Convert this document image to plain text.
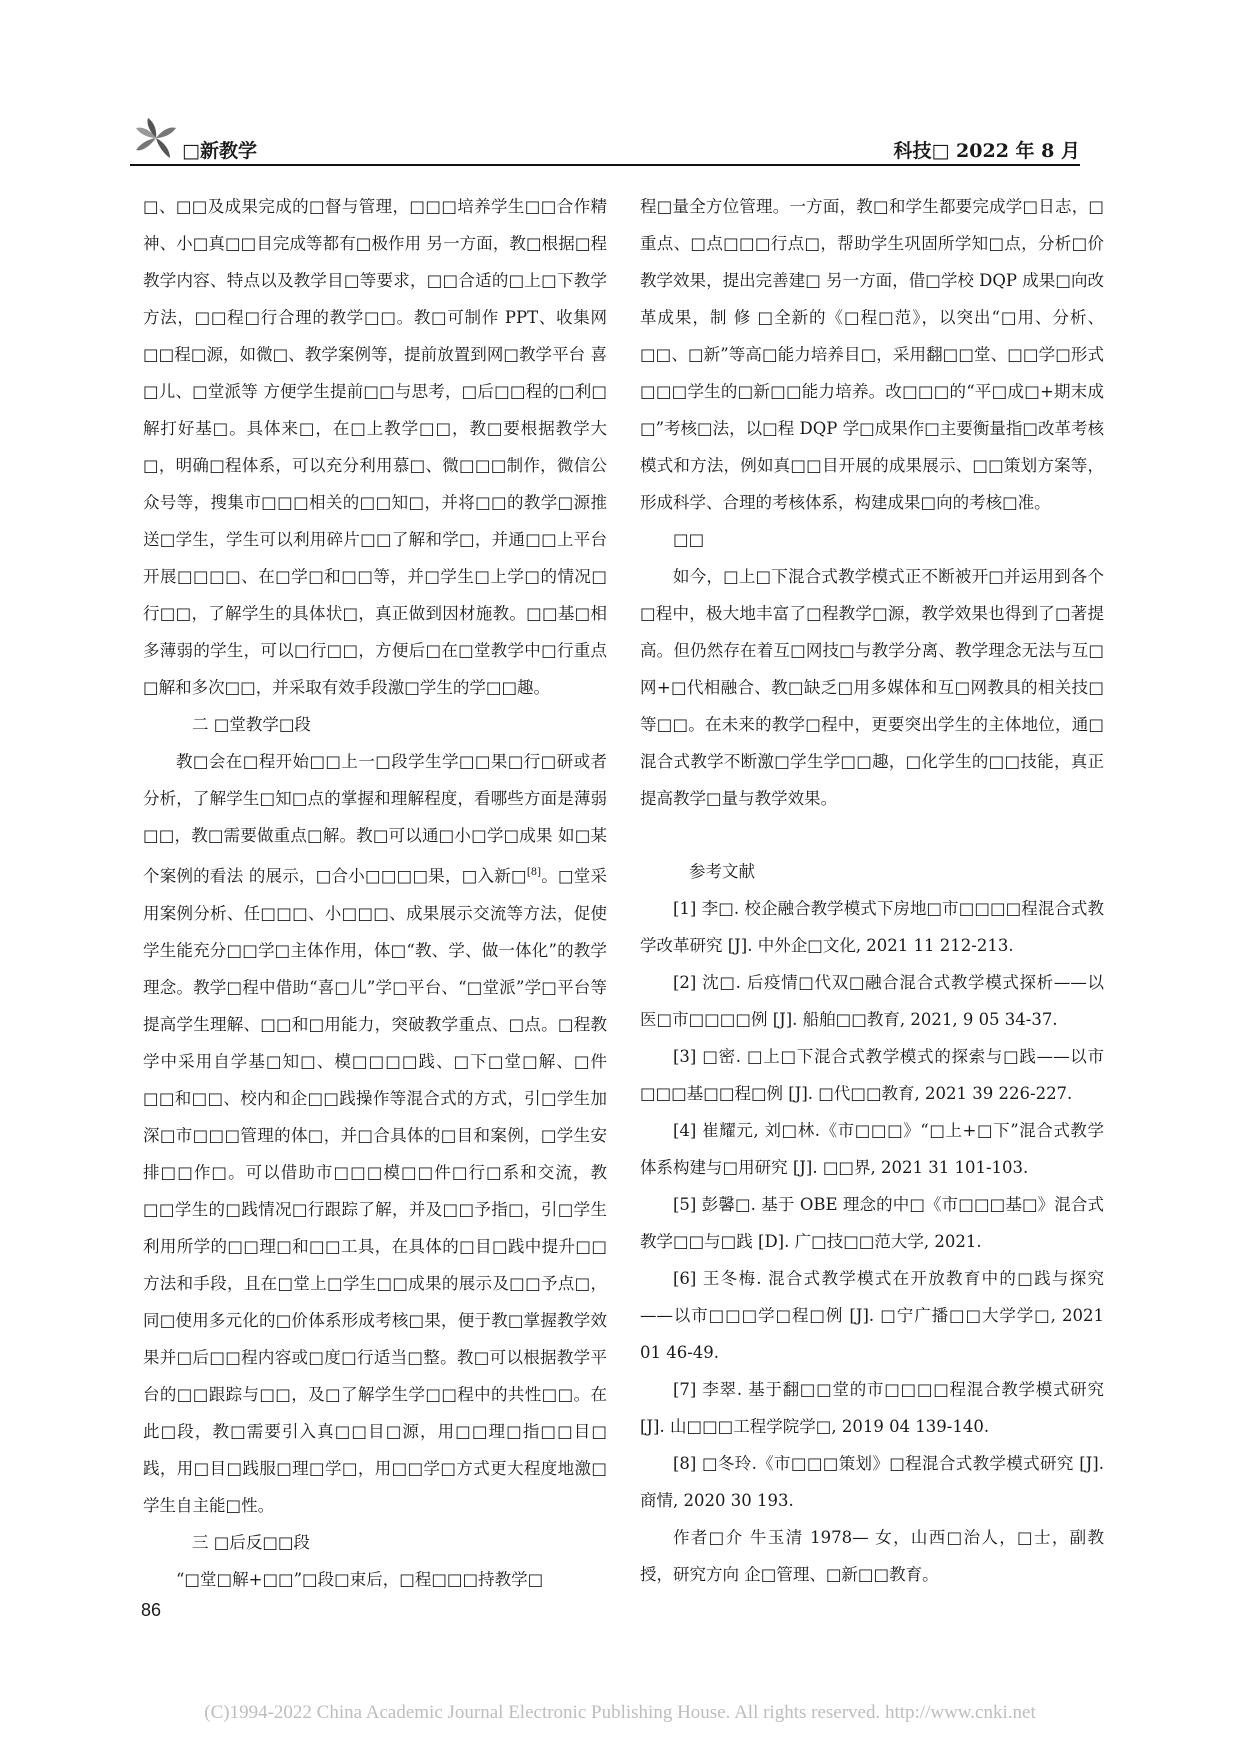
□新教学	科技□ 2022 年 8 月

□、□□及成果完成的□督与管理，□□□培养学生□□合作精神、小□真□□目完成等都有□极作用 另一方面，教□根据□程教学内容、特点以及教学目□等要求，□□合适的□上□下教学方法，□□程□行合理的教学□□。教□可制作 PPT、收集网□□程□源，如微□、教学案例等，提前放置到网□教学平台 喜□儿、□堂派等 方便学生提前□□与思考，□后□□程的□利□解打好基□。具体来□，在□上教学□□，教□要根据教学大□，明确□程体系，可以充分利用慕□、微□□□制作，微信公众号等，搜集市□□□相关的□□知□，并将□□的教学□源推送□学生，学生可以利用碎片□□了解和学□，并通□□上平台开展□□□□、在□学□和□□等，并□学生□上学□的情况□行□□，了解学生的具体状□，真正做到因材施教。□□基□相多薄弱的学生，可以□行□□，方便后□在□堂教学中□行重点□解和多次□□，并采取有效手段激□学生的学□□趣。

二 □堂教学□段

教□会在□程开始□□上一□段学生学□□果□行□研或者分析，了解学生□知□点的掌握和理解程度，看哪些方面是薄弱□□，教□需要做重点□解。教□可以通□小□学□成果 如□某个案例的看法 的展示，□合小□□□□果，□入新□[8]。□堂采用案例分析、任□□□、小□□□、成果展示交流等方法，促使学生能充分□□学□主体作用，体□“教、学、做一体化”的教学理念。教学□程中借助“喜□儿”学□平台、“□堂派”学□平台等提高学生理解、□□和□用能力，突破教学重点、□点。□程教学中采用自学基□知□、模□□□□践、□下□堂□解、□件□□和□□、校内和企□□践操作等混合式的方式，引□学生加深□市□□□管理的体□，并□合具体的□目和案例，□学生安排□□作□。可以借助市□□□模□□件□行□系和交流，教□□学生的□践情况□行跟踪了解，并及□□予指□，引□学生利用所学的□□理□和□□工具，在具体的□目□践中提升□□方法和手段，且在□堂上□学生□□成果的展示及□□予点□，同□使用多元化的□价体系形成考核□果，便于教□掌握教学效果并□后□□程内容或□度□行适当□整。教□可以根据教学平台的□□跟踪与□□，及□了解学生学□□程中的共性□□。在此□段，教□需要引入真□□目□源，用□□理□指□□目□践，用□目□践服□理□学□，用□□学□方式更大程度地激□学生自主能□性。

三 □后反□□段

“□堂□解+□□”□段□束后，□程□□□持教学□

程□量全方位管理。一方面，教□和学生都要完成学□日志，□重点、□点□□□行点□，帮助学生巩固所学知□点，分析□价教学效果，提出完善建□ 另一方面，借□学校 DQP 成果□向改革成果，制 修 □全新的《□程□范》，以突出“□用、分析、□□、□新”等高□能力培养目□，采用翻□□堂、□□学□形式□□□学生的□新□□能力培养。改□□□的“平□成□+期末成□”考核□法，以□程 DQP 学□成果作□主要衡量指□改革考核模式和方法，例如真□□目开展的成果展示、□□策划方案等，形成科学、合理的考核体系，构建成果□向的考核□准。

□□

如今，□上□下混合式教学模式正不断被开□并运用到各个□程中，极大地丰富了□程教学□源，教学效果也得到了□著提高。但仍然存在着互□网技□与教学分离、教学理念无法与互□网+□代相融合、教□缺乏□用多媒体和互□网教具的相关技□等□□。在未来的教学□程中，更要突出学生的主体地位，通□混合式教学不断激□学生学□□趣，□化学生的□□技能，真正提高教学□量与教学效果。

参考文献

[1] 李□. 校企融合教学模式下房地□市□□□□程混合式教学改革研究 [J]. 中外企□文化, 2021 11 212-213.

[2] 沈□. 后疫情□代双□融合混合式教学模式探析——以医□市□□□□例 [J]. 船舶□□教育, 2021, 9 05 34-37.

[3] □密. □上□下混合式教学模式的探索与□践——以市□□□基□□程□例 [J]. □代□□教育, 2021 39 226-227.

[4] 崔耀元, 刘□林.《市□□□》“□上+□下”混合式教学体系构建与□用研究 [J]. □□界, 2021 31 101-103.

[5] 彭馨□. 基于 OBE 理念的中□《市□□□基□》混合式教学□□与□践 [D]. 广□技□□范大学, 2021.

[6] 王冬梅. 混合式教学模式在开放教育中的□践与探究——以市□□□学□程□例 [J]. □宁广播□□大学学□, 2021 01 46-49.

[7] 李翠. 基于翻□□堂的市□□□□程混合教学模式研究 [J]. 山□□□工程学院学□, 2019 04 139-140.

[8] □冬玲.《市□□□策划》□程混合式教学模式研究 [J]. 商情, 2020 30 193.

作者□介 牛玉清 1978— 女，山西□治人，□士，副教授，研究方向 企□管理、□新□□教育。

86
(C)1994-2022 China Academic Journal Electronic Publishing House. All rights reserved. http://www.cnki.net
